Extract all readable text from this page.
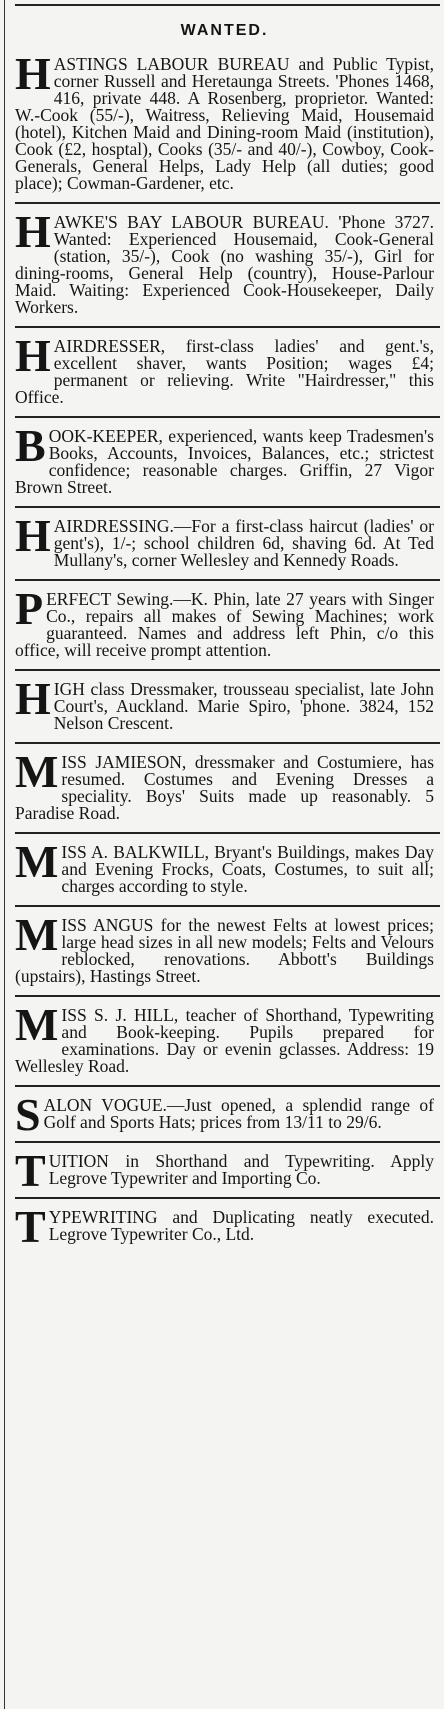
WANTED.
HASTINGS LABOUR BUREAU and Public Typist, corner Russell and Heretaunga Streets. 'Phones 1468, 416, private 448. A Rosenberg, proprietor. Wanted: W.-Cook (55/-), Waitress, Relieving Maid, Housemaid (hotel), Kitchen Maid and Dining-room Maid (institution), Cook (£2, hosptal), Cooks (35/- and 40/-), Cowboy, Cook-Generals, General Helps, Lady Help (all duties; good place); Cowman-Gardener, etc.
HAWKE'S BAY LABOUR BUREAU. 'Phone 3727. Wanted: Experienced Housemaid, Cook-General (station, 35/-), Cook (no washing 35/-), Girl for dining-rooms, General Help (country), House-Parlour Maid. Waiting: Experienced Cook-Housekeeper, Daily Workers.
HAIRDRESSER, first-class ladies' and gent.'s, excellent shaver, wants Position; wages £4; permanent or relieving. Write "Hairdresser," this Office.
BOOK-KEEPER, experienced, wants keep Tradesmen's Books, Accounts, Invoices, Balances, etc.; strictest confidence; reasonable charges. Griffin, 27 Vigor Brown Street.
HAIRDRESSING.—For a first-class haircut (ladies' or gent's), 1/-; school children 6d, shaving 6d. At Ted Mullany's, corner Wellesley and Kennedy Roads.
PERFECT Sewing.—K. Phin, late 27 years with Singer Co., repairs all makes of Sewing Machines; work guaranteed. Names and address left Phin, c/o this office, will receive prompt attention.
HIGH class Dressmaker, trousseau specialist, late John Court's, Auckland. Marie Spiro, 'phone. 3824, 152 Nelson Crescent.
MISS JAMIESON, dressmaker and Costumiere, has resumed. Costumes and Evening Dresses a speciality. Boys' Suits made up reasonably. 5 Paradise Road.
MISS A. BALKWILL, Bryant's Buildings, makes Day and Evening Frocks, Coats, Costumes, to suit all; charges according to style.
MISS ANGUS for the newest Felts at lowest prices; large head sizes in all new models; Felts and Velours reblocked, renovations. Abbott's Buildings (upstairs), Hastings Street.
MISS S. J. HILL, teacher of Shorthand, Typewriting and Book-keeping. Pupils prepared for examinations. Day or evenin gclasses. Address: 19 Wellesley Road.
SALON VOGUE.—Just opened, a splendid range of Golf and Sports Hats; prices from 13/11 to 29/6.
TUITION in Shorthand and Typewriting. Apply Legrove Typewriter and Importing Co.
TYPEWRITING and Duplicating neatly executed. Legrove Typewriter Co., Ltd.
